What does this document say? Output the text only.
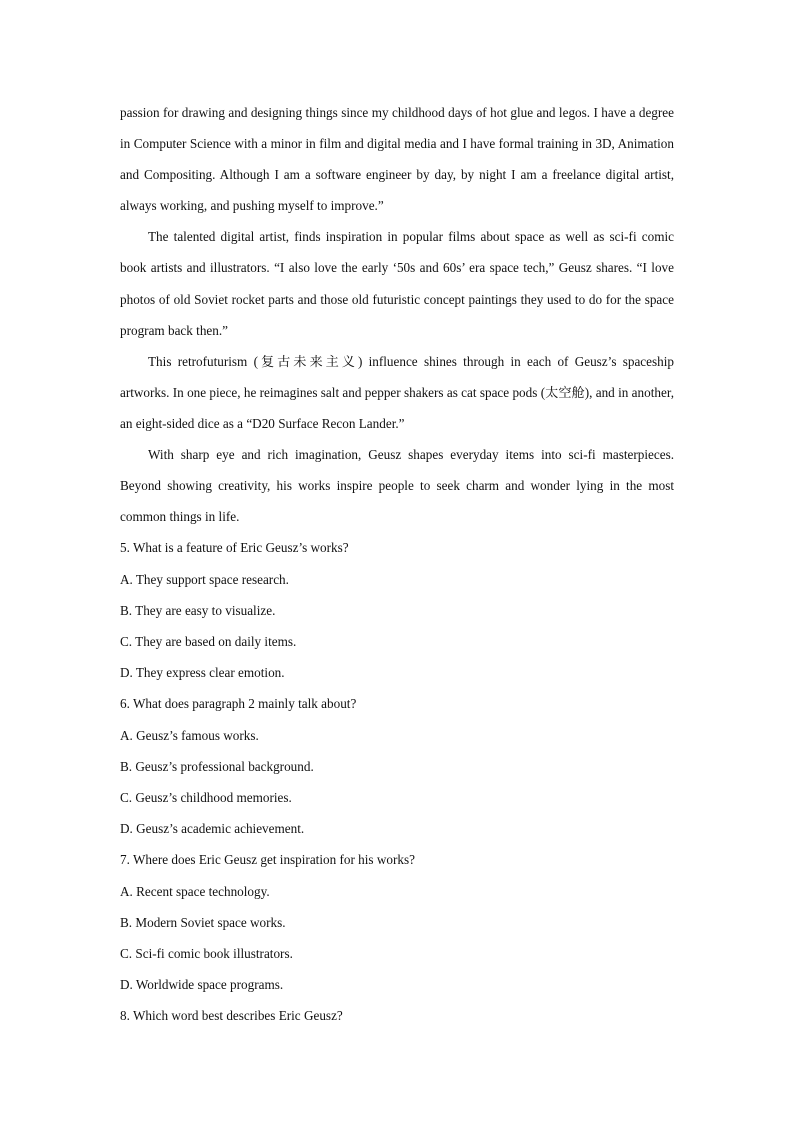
passion for drawing and designing things since my childhood days of hot glue and legos. I have a degree in Computer Science with a minor in film and digital media and I have formal training in 3D, Animation and Compositing. Although I am a software engineer by day, by night I am a freelance digital artist, always working, and pushing myself to improve.”

The talented digital artist, finds inspiration in popular films about space as well as sci-fi comic book artists and illustrators. “I also love the early ‘50s and 60s’ era space tech,” Geusz shares. “I love photos of old Soviet rocket parts and those old futuristic concept paintings they used to do for the space program back then.”

This retrofuturism (复古未来主义) influence shines through in each of Geusz’s spaceship artworks. In one piece, he reimagines salt and pepper shakers as cat space pods (太空舱), and in another, an eight-sided dice as a “D20 Surface Recon Lander.”

With sharp eye and rich imagination, Geusz shapes everyday items into sci-fi masterpieces. Beyond showing creativity, his works inspire people to seek charm and wonder lying in the most common things in life.

5. What is a feature of Eric Geusz’s works?

A. They support space research.

B. They are easy to visualize.

C. They are based on daily items.

D. They express clear emotion.

6. What does paragraph 2 mainly talk about?

A. Geusz’s famous works.

B. Geusz’s professional background.

C. Geusz’s childhood memories.

D. Geusz’s academic achievement.

7. Where does Eric Geusz get inspiration for his works?

A. Recent space technology.

B. Modern Soviet space works.

C. Sci-fi comic book illustrators.

D. Worldwide space programs.

8. Which word best describes Eric Geusz?
